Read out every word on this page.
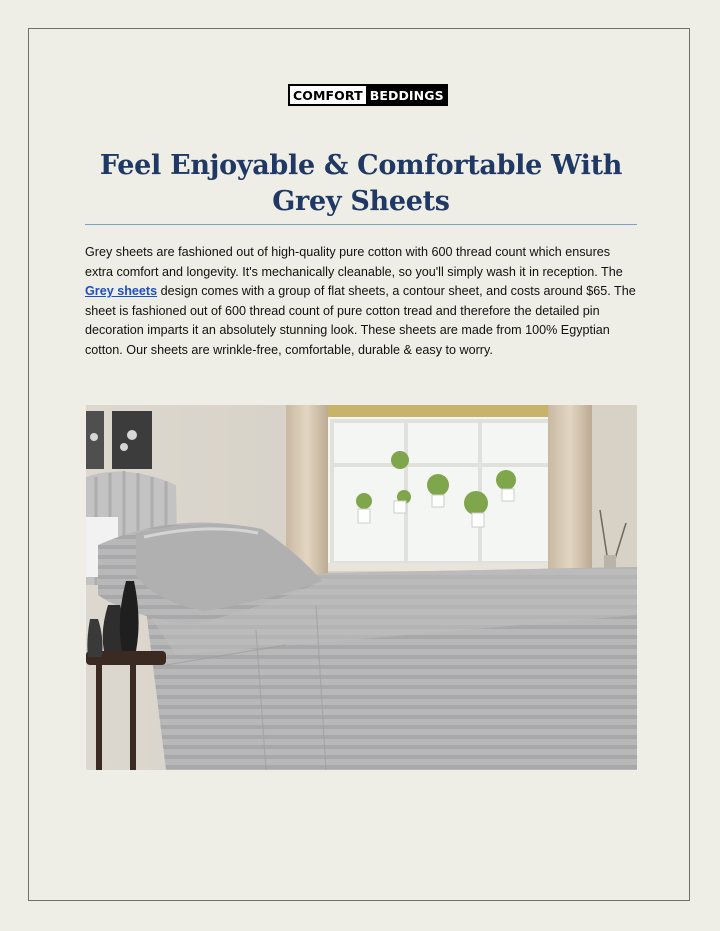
COMFORT BEDDINGS
Feel Enjoyable & Comfortable With
Grey Sheets

Grey sheets are fashioned out of high-quality pure cotton with 600 thread count which ensures extra comfort and longevity. It's mechanically cleanable, so you'll simply wash it in reception. The Grey sheets design comes with a group of flat sheets, a contour sheet, and costs around $65. The sheet is fashioned out of 600 thread count of pure cotton tread and therefore the detailed pin decoration imparts it an absolutely stunning look. These sheets are made from 100% Egyptian cotton. Our sheets are wrinkle-free, comfortable, durable & easy to worry.
